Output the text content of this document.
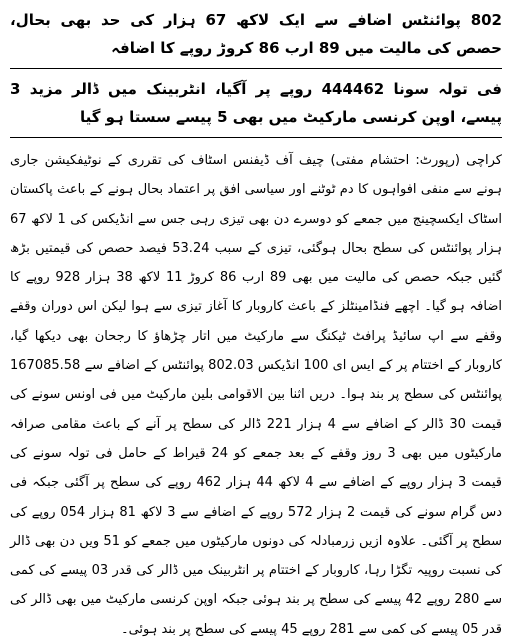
802 پوائنٹس اضافے سے ایک لاکھ 67 ہزار کی حد بھی بحال، حصص کی مالیت میں 89 ارب 86 کروڑ روپے کا اضافہ

فی تولہ سونا 444462 روپے پر آگیا، انٹربینک میں ڈالر مزید 3 پیسے، اوپن کرنسی مارکیٹ میں بھی 5 پیسے سستا ہو گیا

کراچی (رپورٹ: احتشام مفتی) چیف آف ڈیفنس اسٹاف کی تقرری کے نوٹیفکیشن جاری ہونے سے منفی افواہوں کا دم ٹوٹنے اور سیاسی افق پر اعتماد بحال ہونے کے باعث پاکستان اسٹاک ایکسچینج میں جمعے کو دوسرے دن بھی تیزی رہی جس سے انڈیکس کی 1 لاکھ 67 ہزار پوائنٹس کی سطح بحال ہوگئی، تیزی کے سبب 53.24 فیصد حصص کی قیمتیں بڑھ گئیں جبکہ حصص کی مالیت میں بھی 89 ارب 86 کروڑ 11 لاکھ 38 ہزار 928 روپے کا اضافہ ہو گیا۔ اچھے فنڈامینٹلز کے باعث کاروبار کا آغاز تیزی سے ہوا لیکن اس دوران وقفے وقفے سے اپ سائیڈ پرافٹ ٹیکنگ سے مارکیٹ میں اتار چڑھاؤ کا رجحان بھی دیکھا گیا، کاروبار کے اختتام پر کے ایس ای 100 انڈیکس 802.03 پوائنٹس کے اضافے سے 167085.58 پوائنٹس کی سطح پر بند ہوا۔ دریں اثنا بین الاقوامی بلین مارکیٹ میں فی اونس سونے کی قیمت 30 ڈالر کے اضافے سے 4 ہزار 221 ڈالر کی سطح پر آنے کے باعث مقامی صرافہ مارکیٹوں میں بھی 3 روز وقفے کے بعد جمعے کو 24 قیراط کے حامل فی تولہ سونے کی قیمت 3 ہزار روپے کے اضافے سے 4 لاکھ 44 ہزار 462 روپے کی سطح پر آگئی جبکہ فی دس گرام سونے کی قیمت 2 ہزار 572 روپے کے اضافے سے 3 لاکھ 81 ہزار 054 روپے کی سطح پر آگئی۔ علاوہ ازیں زرمبادلہ کی دونوں مارکیٹوں میں جمعے کو 51 ویں دن بھی ڈالر کی نسبت روپیہ تگڑا رہا، کاروبار کے اختتام پر انٹربینک میں ڈالر کی قدر 03 پیسے کی کمی سے 280 روپے 42 پیسے کی سطح پر بند ہوئی جبکہ اوپن کرنسی مارکیٹ میں بھی ڈالر کی قدر 05 پیسے کی کمی سے 281 روپے 45 پیسے کی سطح پر بند ہوئی۔
